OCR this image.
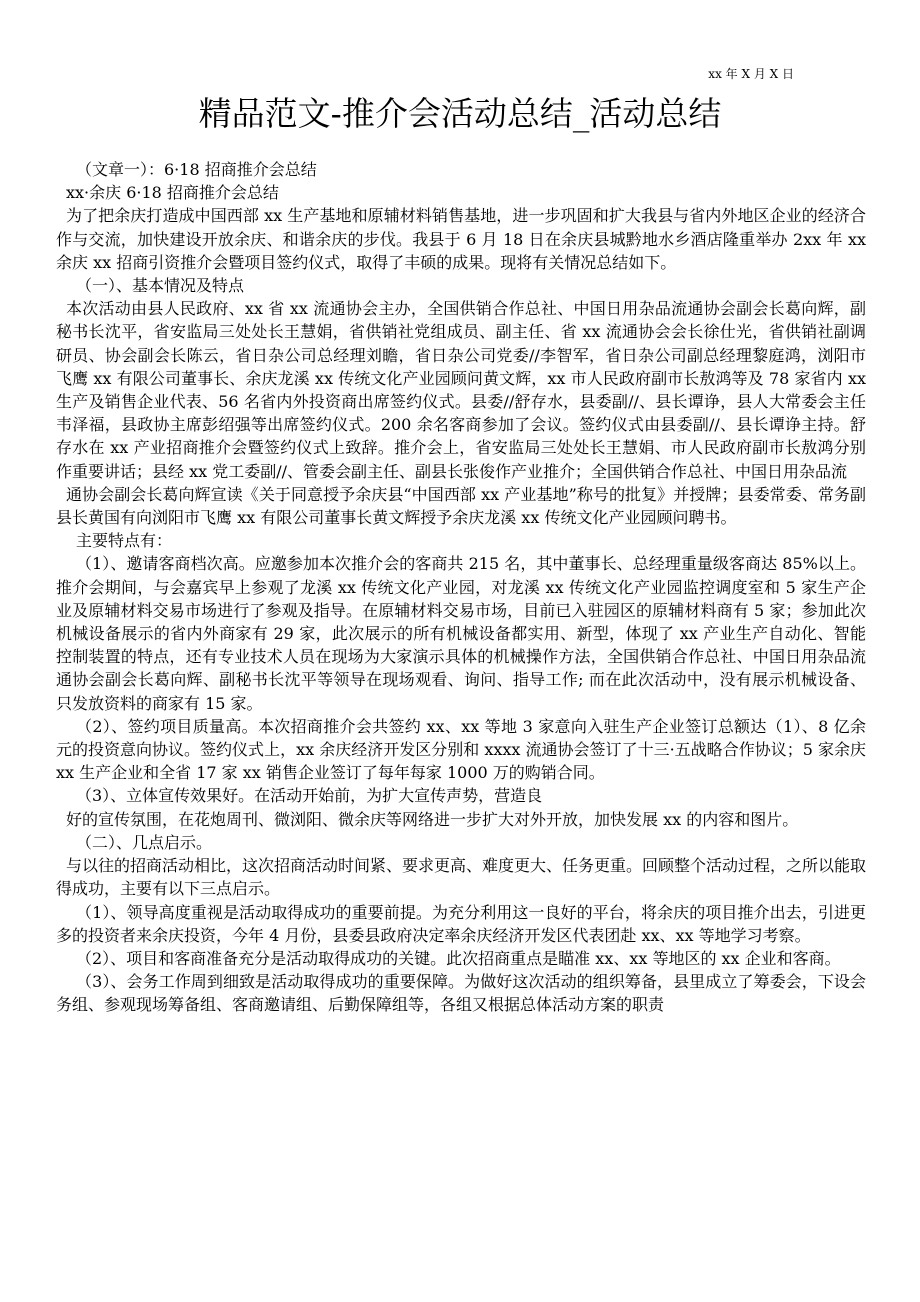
xx 年 X 月 X 日
精品范文-推介会活动总结_活动总结

（文章一）：6·18 招商推介会总结

xx·余庆 6·18 招商推介会总结

为了把余庆打造成中国西部 xx 生产基地和原辅材料销售基地，进一步巩固和扩大我县与省内外地区企业的经济合作与交流，加快建设开放余庆、和谐余庆的步伐。我县于 6 月 18 日在余庆县城黔地水乡酒店隆重举办 2xx 年 xx 余庆 xx 招商引资推介会暨项目签约仪式，取得了丰硕的成果。现将有关情况总结如下。

（一）、基本情况及特点

本次活动由县人民政府、xx 省 xx 流通协会主办，全国供销合作总社、中国日用杂品流通协会副会长葛向辉，副秘书长沈平，省安监局三处处长王慧娟，省供销社党组成员、副主任、省 xx 流通协会会长徐仕光，省供销社副调研员、协会副会长陈云，省日杂公司总经理刘瞻，省日杂公司党委//李智军，省日杂公司副总经理黎庭鸿，浏阳市飞鹰 xx 有限公司董事长、余庆龙溪 xx 传统文化产业园顾问黄文辉，xx 市人民政府副市长敖鸿等及 78 家省内 xx 生产及销售企业代表、56 名省内外投资商出席签约仪式。县委//舒存水，县委副//、县长谭诤，县人大常委会主任韦泽福，县政协主席彭绍强等出席签约仪式。200 余名客商参加了会议。签约仪式由县委副//、县长谭诤主持。舒存水在 xx 产业招商推介会暨签约仪式上致辞。推介会上，省安监局三处处长王慧娟、市人民政府副市长敖鸿分别作重要讲话；县经 xx 党工委副//、管委会副主任、副县长张俊作产业推介；全国供销合作总社、中国日用杂品流

通协会副会长葛向辉宣读《关于同意授予余庆县“中国西部 xx 产业基地”称号的批复》并授牌；县委常委、常务副县长黄国有向浏阳市飞鹰 xx 有限公司董事长黄文辉授予余庆龙溪 xx 传统文化产业园顾问聘书。

主要特点有：

（1）、邀请客商档次高。应邀参加本次推介会的客商共 215 名，其中董事长、总经理重量级客商达 85%以上。推介会期间，与会嘉宾早上参观了龙溪 xx 传统文化产业园，对龙溪 xx 传统文化产业园监控调度室和 5 家生产企业及原辅材料交易市场进行了参观及指导。在原辅材料交易市场，目前已入驻园区的原辅材料商有 5 家；参加此次机械设备展示的省内外商家有 29 家，此次展示的所有机械设备都实用、新型，体现了 xx 产业生产自动化、智能控制装置的特点，还有专业技术人员在现场为大家演示具体的机械操作方法，全国供销合作总社、中国日用杂品流通协会副会长葛向辉、副秘书长沈平等领导在现场观看、询问、指导工作; 而在此次活动中，没有展示机械设备、只发放资料的商家有 15 家。

（2）、签约项目质量高。本次招商推介会共签约 xx、xx 等地 3 家意向入驻生产企业签订总额达（1）、8 亿余元的投资意向协议。签约仪式上，xx 余庆经济开发区分别和 xxxx 流通协会签订了十三·五战略合作协议；5 家余庆 xx 生产企业和全省 17 家 xx 销售企业签订了每年每家 1000 万的购销合同。

（3）、立体宣传效果好。在活动开始前，为扩大宣传声势，营造良

好的宣传氛围，在花炮周刊、微浏阳、微余庆等网络进一步扩大对外开放，加快发展 xx 的内容和图片。

（二）、几点启示。

与以往的招商活动相比，这次招商活动时间紧、要求更高、难度更大、任务更重。回顾整个活动过程，之所以能取得成功，主要有以下三点启示。

（1）、领导高度重视是活动取得成功的重要前提。为充分利用这一良好的平台，将余庆的项目推介出去，引进更多的投资者来余庆投资，今年 4 月份，县委县政府决定率余庆经济开发区代表团赴 xx、xx 等地学习考察。

（2）、项目和客商准备充分是活动取得成功的关键。此次招商重点是瞄准 xx、xx 等地区的 xx 企业和客商。

（3）、会务工作周到细致是活动取得成功的重要保障。为做好这次活动的组织筹备，县里成立了筹委会，下设会务组、参观现场筹备组、客商邀请组、后勤保障组等，各组又根据总体活动方案的职责
